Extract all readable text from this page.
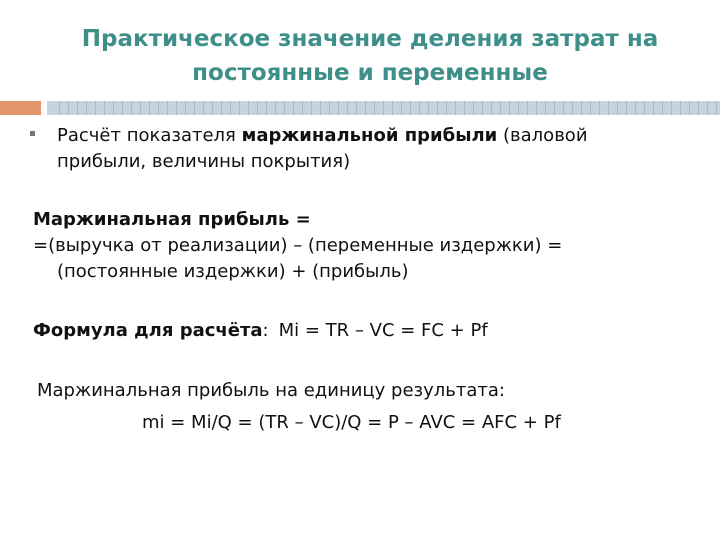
Практическое значение деления затрат на
постоянные и переменные
Расчёт показателя маржинальной прибыли (валовой прибыли, величины покрытия)
Маржинальная прибыль =
=(выручка от реализации) – (переменные издержки) =
(постоянные издержки) + (прибыль)
Формула для расчёта: Mi = TR – VC = FC + Pf
Маржинальная прибыль на единицу результата:
mi = Mi/Q = (TR – VC)/Q = P – AVC = AFC + Pf
